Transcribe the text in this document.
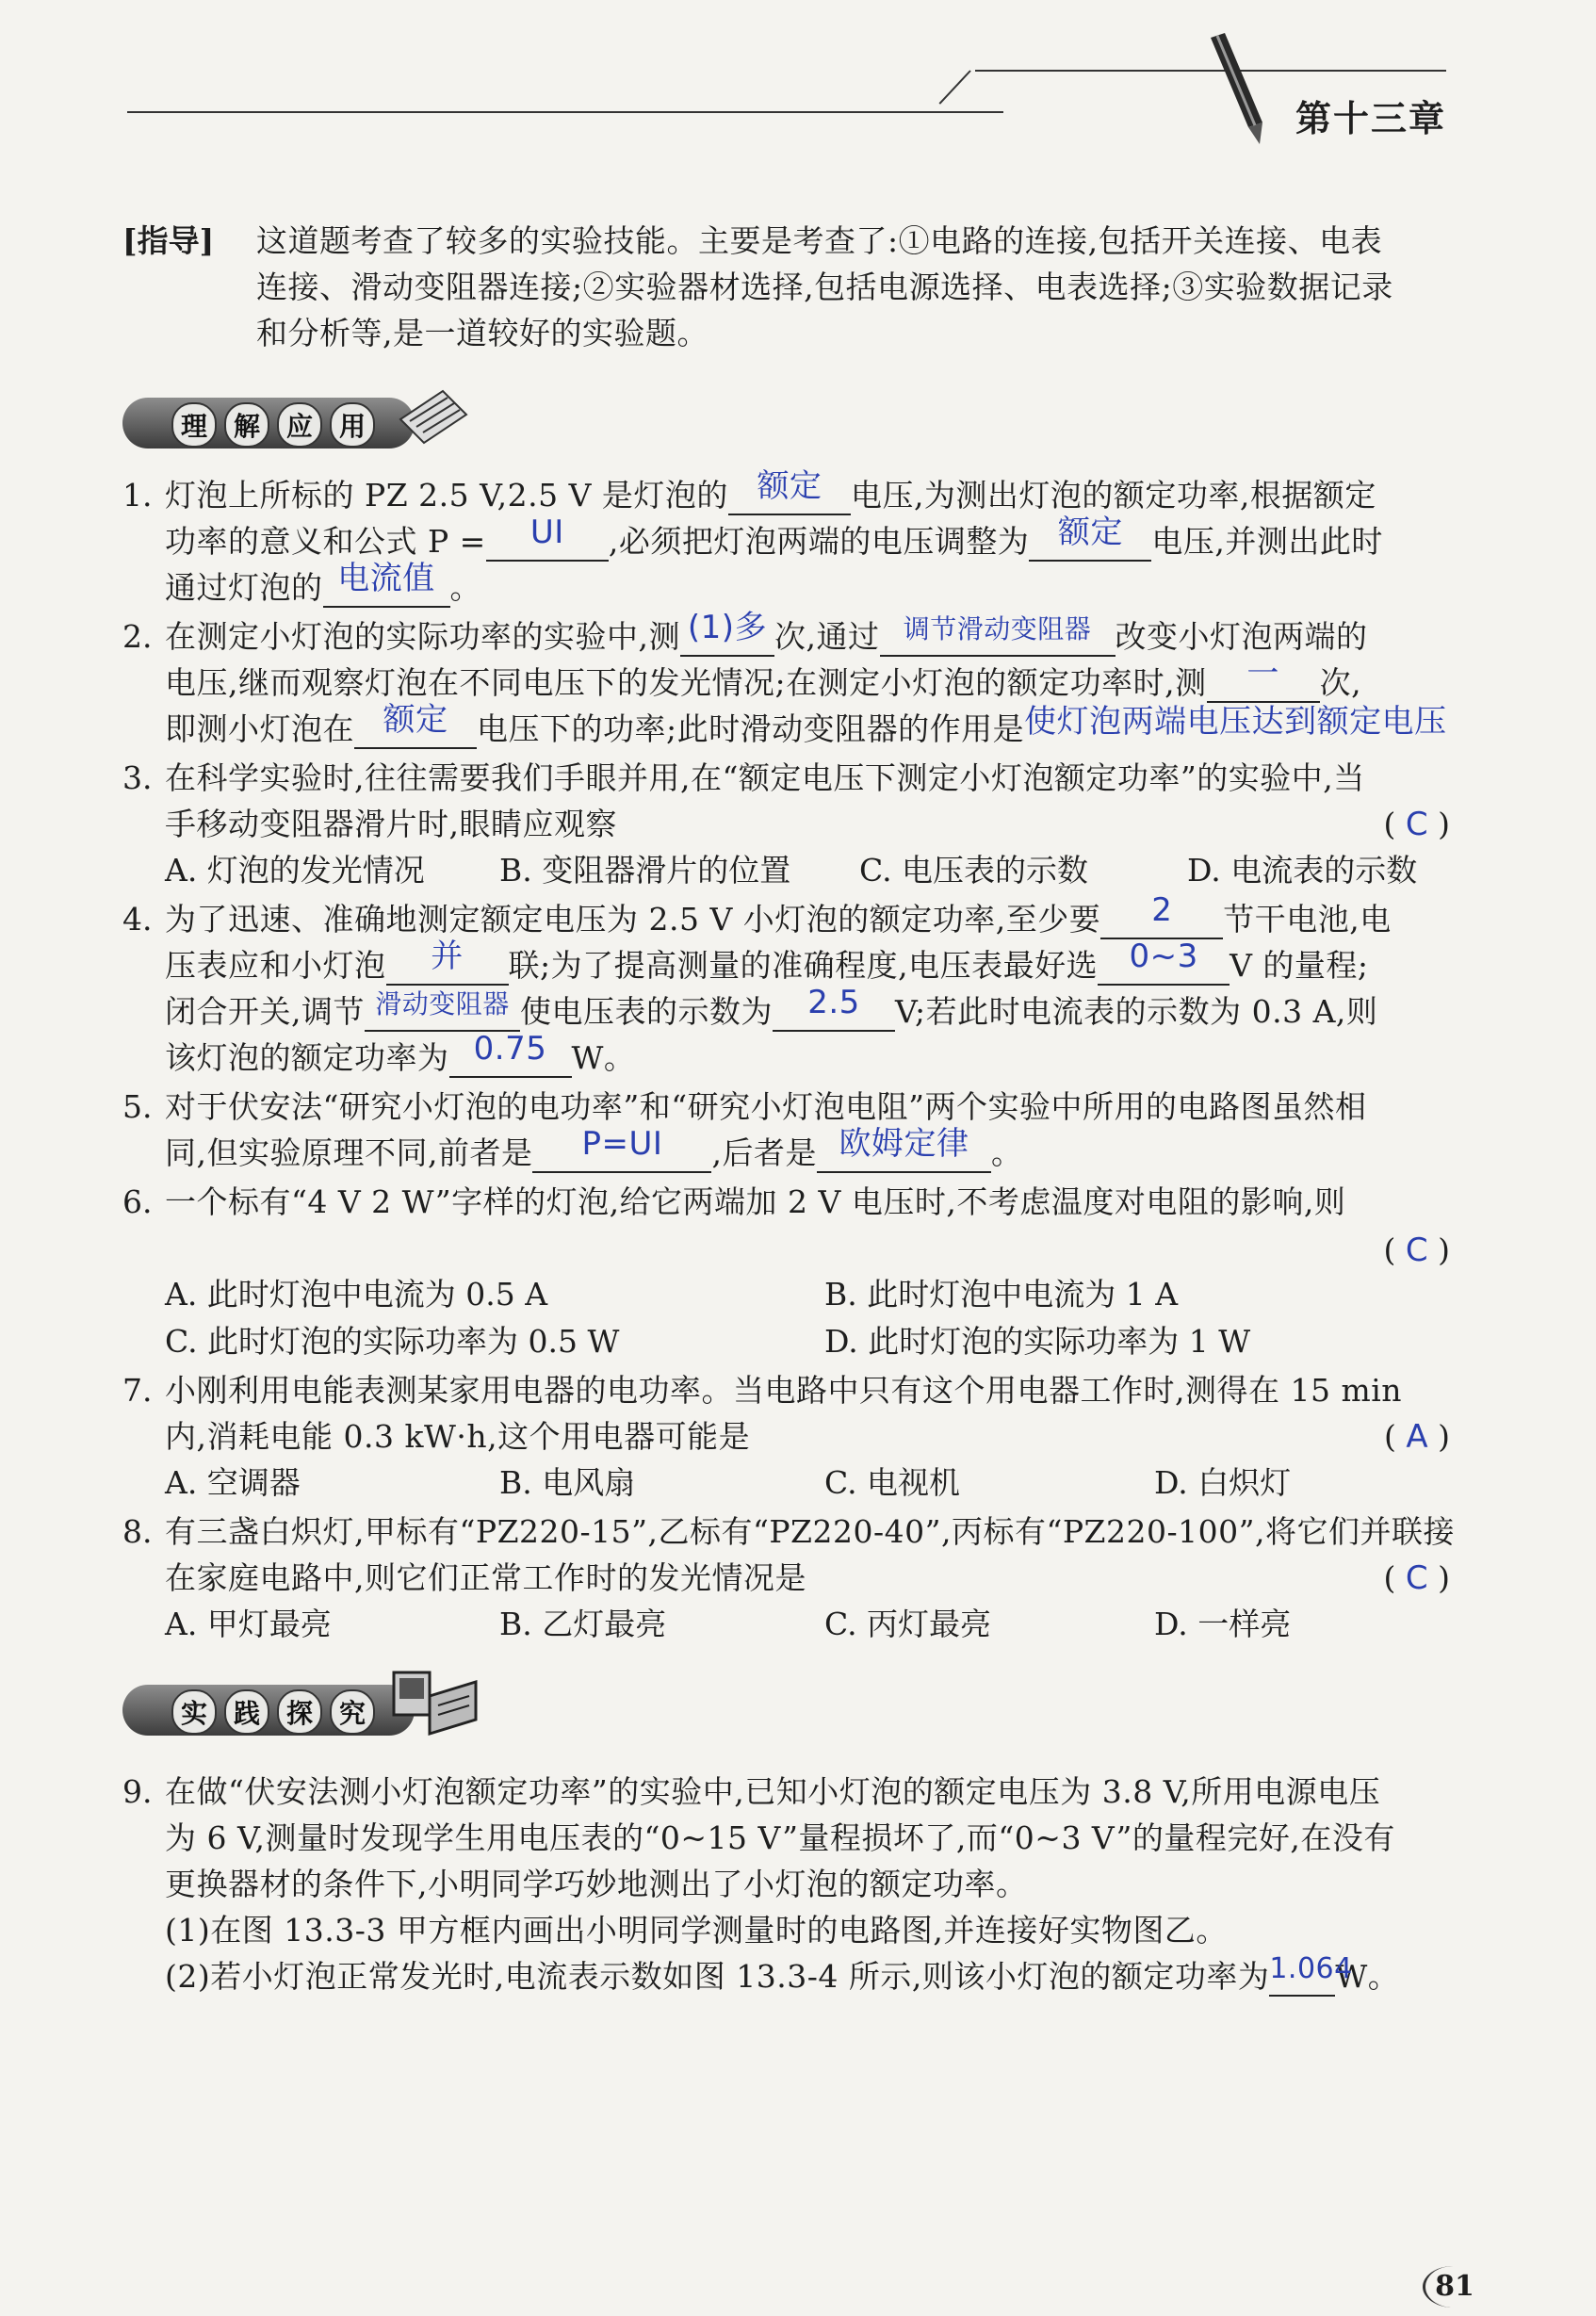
第十三章
[指导] 这道题考查了较多的实验技能。主要是考查了:①电路的连接,包括开关连接、电表
连接、滑动变阻器连接;②实验器材选择,包括电源选择、电表选择;③实验数据记录
和分析等,是一道较好的实验题。
理 解 应 用
1. 灯泡上所标的 PZ 2.5 V,2.5 V 是灯泡的 额定 电压,为测出灯泡的额定功率,根据额定
功率的意义和公式 P = UI ,必须把灯泡两端的电压调整为 额定 电压,并测出此时
通过灯泡的 电流值 。
2. 在测定小灯泡的实际功率的实验中,测 (1)多 次,通过 $^{调节滑动变阻器}$ 改变小灯泡两端的
电压,继而观察灯泡在不同电压下的发光情况;在测定小灯泡的额定功率时,测 一 次,
即测小灯泡在 额定 电压下的功率;此时滑动变阻器的作用是使灯泡两端电压达到额定电压
3. 在科学实验时,往往需要我们手眼并用,在“额定电压下测定小灯泡额定功率”的实验中,当
手移动变阻器滑片时,眼睛应观察	( C )
A. 灯泡的发光情况 B. 变阻器滑片的位置 C. 电压表的示数	D. 电流表的示数
4. 为了迅速、准确地测定额定电压为 2.5 V 小灯泡的额定功率,至少要 2 节干电池,电
压表应和小灯泡 并 联;为了提高测量的准确程度,电压表最好选 0~3 V 的量程;
闭合开关,调节 $^{滑动变阻器}$ 使电压表的示数为 2.5 V;若此时电流表的示数为 0.3 A,则
该灯泡的额定功率为 0.75 W。
5. 对于伏安法“研究小灯泡的电功率”和“研究小灯泡电阻”两个实验中所用的电路图虽然相
同,但实验原理不同,前者是 P=UI ,后者是 欧姆定律 。
6. 一个标有“4 V 2 W”字样的灯泡,给它两端加 2 V 电压时,不考虑温度对电阻的影响,则
( C )
A. 此时灯泡中电流为 0.5 A	B. 此时灯泡中电流为 1 A
C. 此时灯泡的实际功率为 0.5 W	D. 此时灯泡的实际功率为 1 W
7. 小刚利用电能表测某家用电器的电功率。当电路中只有这个用电器工作时,测得在 15 min
内,消耗电能 0.3 kW·h,这个用电器可能是	( A )
A. 空调器	B. 电风扇	C. 电视机	D. 白炽灯
8. 有三盏白炽灯,甲标有“PZ220-15”,乙标有“PZ220-40”,丙标有“PZ220-100”,将它们并联接
在家庭电路中,则它们正常工作时的发光情况是	( C )
A. 甲灯最亮	B. 乙灯最亮	C. 丙灯最亮	D. 一样亮
实 践 探 究
9. 在做“伏安法测小灯泡额定功率”的实验中,已知小灯泡的额定电压为 3.8 V,所用电源电压
为 6 V,测量时发现学生用电压表的“0~15 V”量程损坏了,而“0~3 V”的量程完好,在没有
更换器材的条件下,小明同学巧妙地测出了小灯泡的额定功率。
(1)在图 13.3-3 甲方框内画出小明同学测量时的电路图,并连接好实物图乙。
(2)若小灯泡正常发光时,电流表示数如图 13.3-4 所示,则该小灯泡的额定功率为1.064W。
81
